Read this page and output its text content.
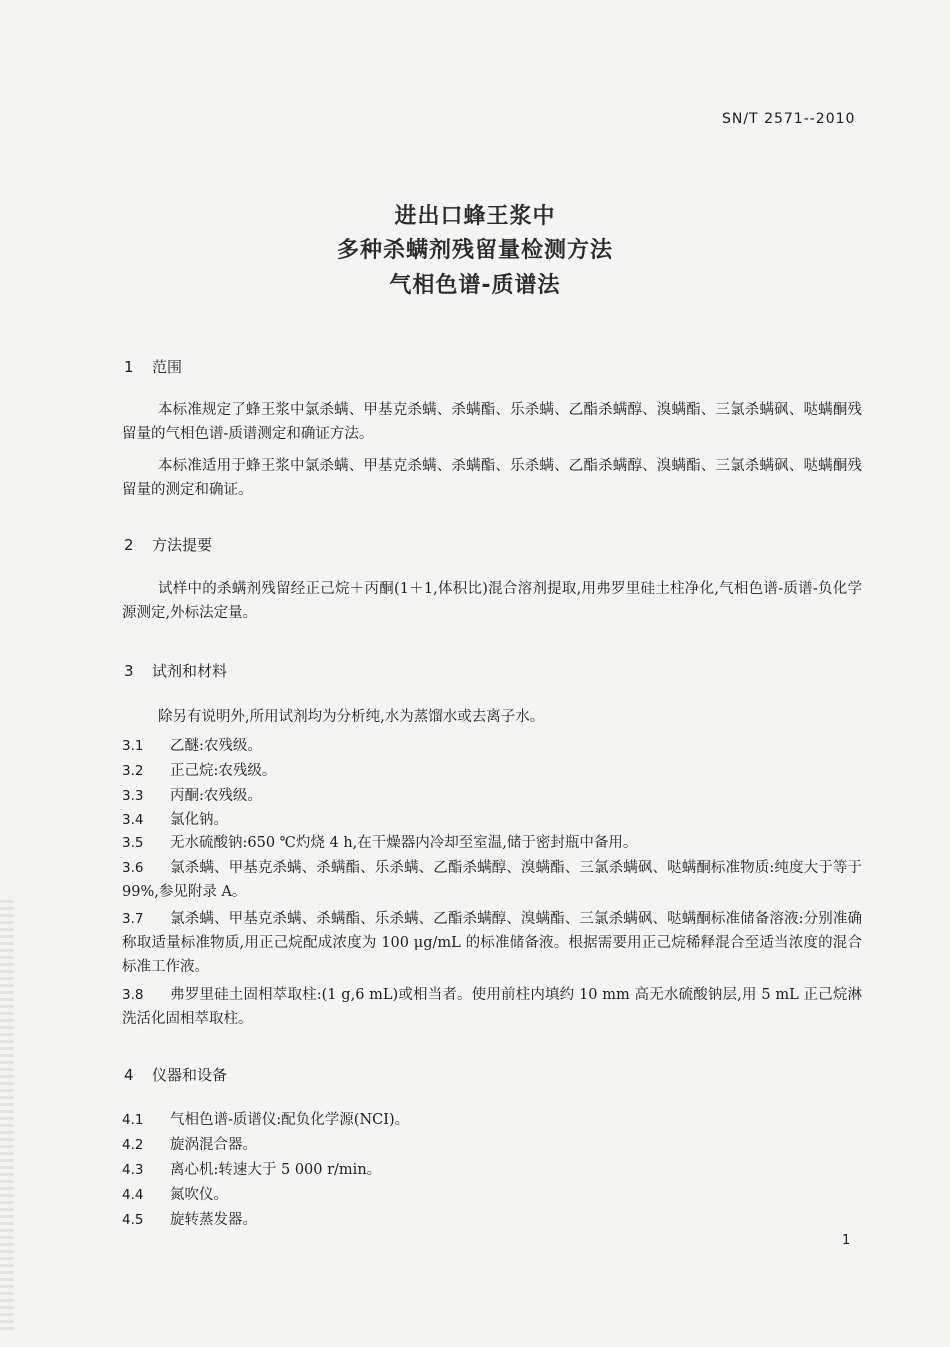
SN/T 2571--2010
进出口蜂王浆中
多种杀螨剂残留量检测方法
气相色谱-质谱法
1 范围
本标准规定了蜂王浆中氯杀螨、甲基克杀螨、杀螨酯、乐杀螨、乙酯杀螨醇、溴螨酯、三氯杀螨砜、哒螨酮残留量的气相色谱-质谱测定和确证方法。
本标准适用于蜂王浆中氯杀螨、甲基克杀螨、杀螨酯、乐杀螨、乙酯杀螨醇、溴螨酯、三氯杀螨砜、哒螨酮残留量的测定和确证。
2 方法提要
试样中的杀螨剂残留经正己烷＋丙酮(1＋1,体积比)混合溶剂提取,用弗罗里硅土柱净化,气相色谱-质谱-负化学源测定,外标法定量。
3 试剂和材料
除另有说明外,所用试剂均为分析纯,水为蒸馏水或去离子水。
3.1 乙醚:农残级。
3.2 正己烷:农残级。
3.3 丙酮:农残级。
3.4 氯化钠。
3.5 无水硫酸钠:650 ℃灼烧 4 h,在干燥器内冷却至室温,储于密封瓶中备用。
3.6 氯杀螨、甲基克杀螨、杀螨酯、乐杀螨、乙酯杀螨醇、溴螨酯、三氯杀螨砜、哒螨酮标准物质:纯度大于等于 99%,参见附录 A。
3.7 氯杀螨、甲基克杀螨、杀螨酯、乐杀螨、乙酯杀螨醇、溴螨酯、三氯杀螨砜、哒螨酮标准储备溶液:分别准确称取适量标准物质,用正己烷配成浓度为 100 μg/mL 的标准储备液。根据需要用正己烷稀释混合至适当浓度的混合标准工作液。
3.8 弗罗里硅土固相萃取柱:(1 g,6 mL)或相当者。使用前柱内填约 10 mm 高无水硫酸钠层,用 5 mL 正己烷淋洗活化固相萃取柱。
4 仪器和设备
4.1 气相色谱-质谱仪:配负化学源(NCI)。
4.2 旋涡混合器。
4.3 离心机:转速大于 5 000 r/min。
4.4 氮吹仪。
4.5 旋转蒸发器。
1
